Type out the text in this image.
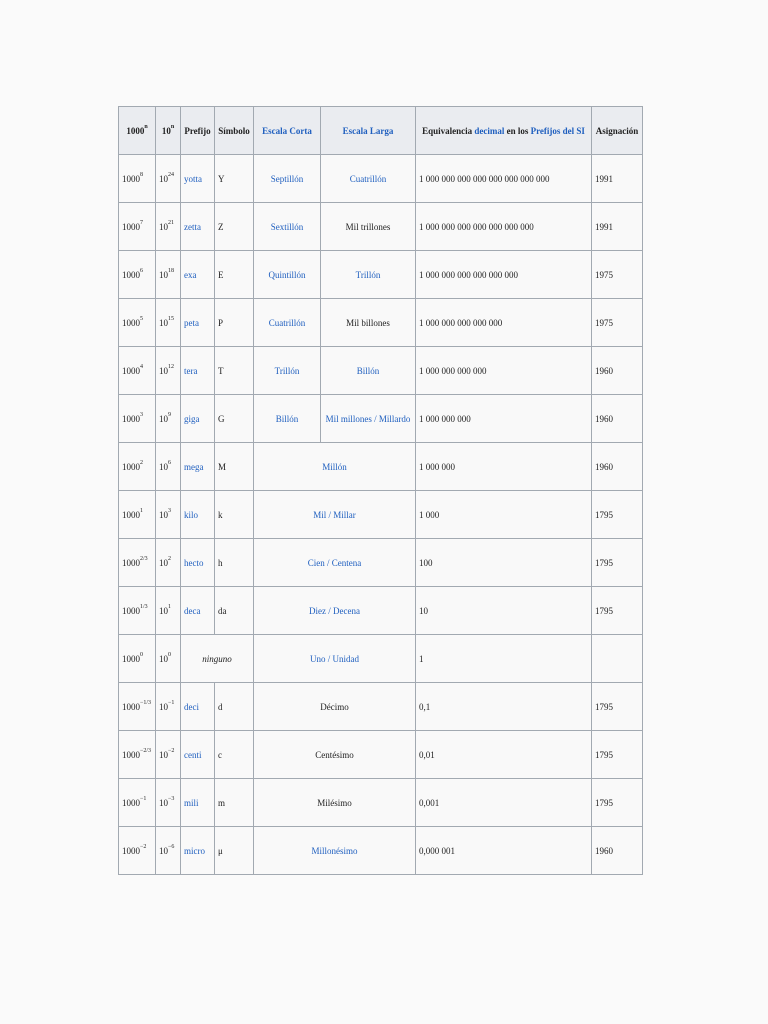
1000$^n$	10$^n$	Prefijo	Símbolo	Escala Corta	Escala Larga	Equivalencia decimal en los Prefijos del SI	Asignación
1000$^8$	$10^{24}$	yotta	Y	Septillón	Cuatrillón	1 000 000 000 000 000 000 000 000	1991
1000$^7$	$10^{21}$	zetta	Z	Sextillón	Mil trillones	1 000 000 000 000 000 000 000	1991
1000$^6$	$10^{18}$	exa	E	Quintillón	Trillón	1 000 000 000 000 000 000	1975
1000$^5$	$10^{15}$	peta	P	Cuatrillón	Mil billones	1 000 000 000 000 000	1975
1000$^4$	$10^{12}$	tera	T	Trillón	Billón	1 000 000 000 000	1960
1000$^3$	$10^9$	giga	G	Billón	Mil millones / Millardo	1 000 000 000	1960
1000$^2$	$10^6$	mega	M	Millón		1 000 000	1960
1000$^1$	$10^3$	kilo	k	Mil / Millar		1 000	1795
$1000^{2/3}$	$10^2$	hecto	h	Cien / Centena		100	1795
$1000^{1/3}$	$10^1$	deca	da	Diez / Decena		10	1795
1000$^0$	$10^0$	ninguno		Uno / Unidad		1	
$1000^{-1/3}$	$10^{-1}$	deci	d	Décimo		0,1	1795
$1000^{-2/3}$	$10^{-2}$	centi	c	Centésimo		0,01	1795
$1000^{-1}$	$10^{-3}$	mili	m	Milésimo		0,001	1795
$1000^{-2}$	$10^{-6}$	micro	μ	Millonésimo		0,000 001	1960
